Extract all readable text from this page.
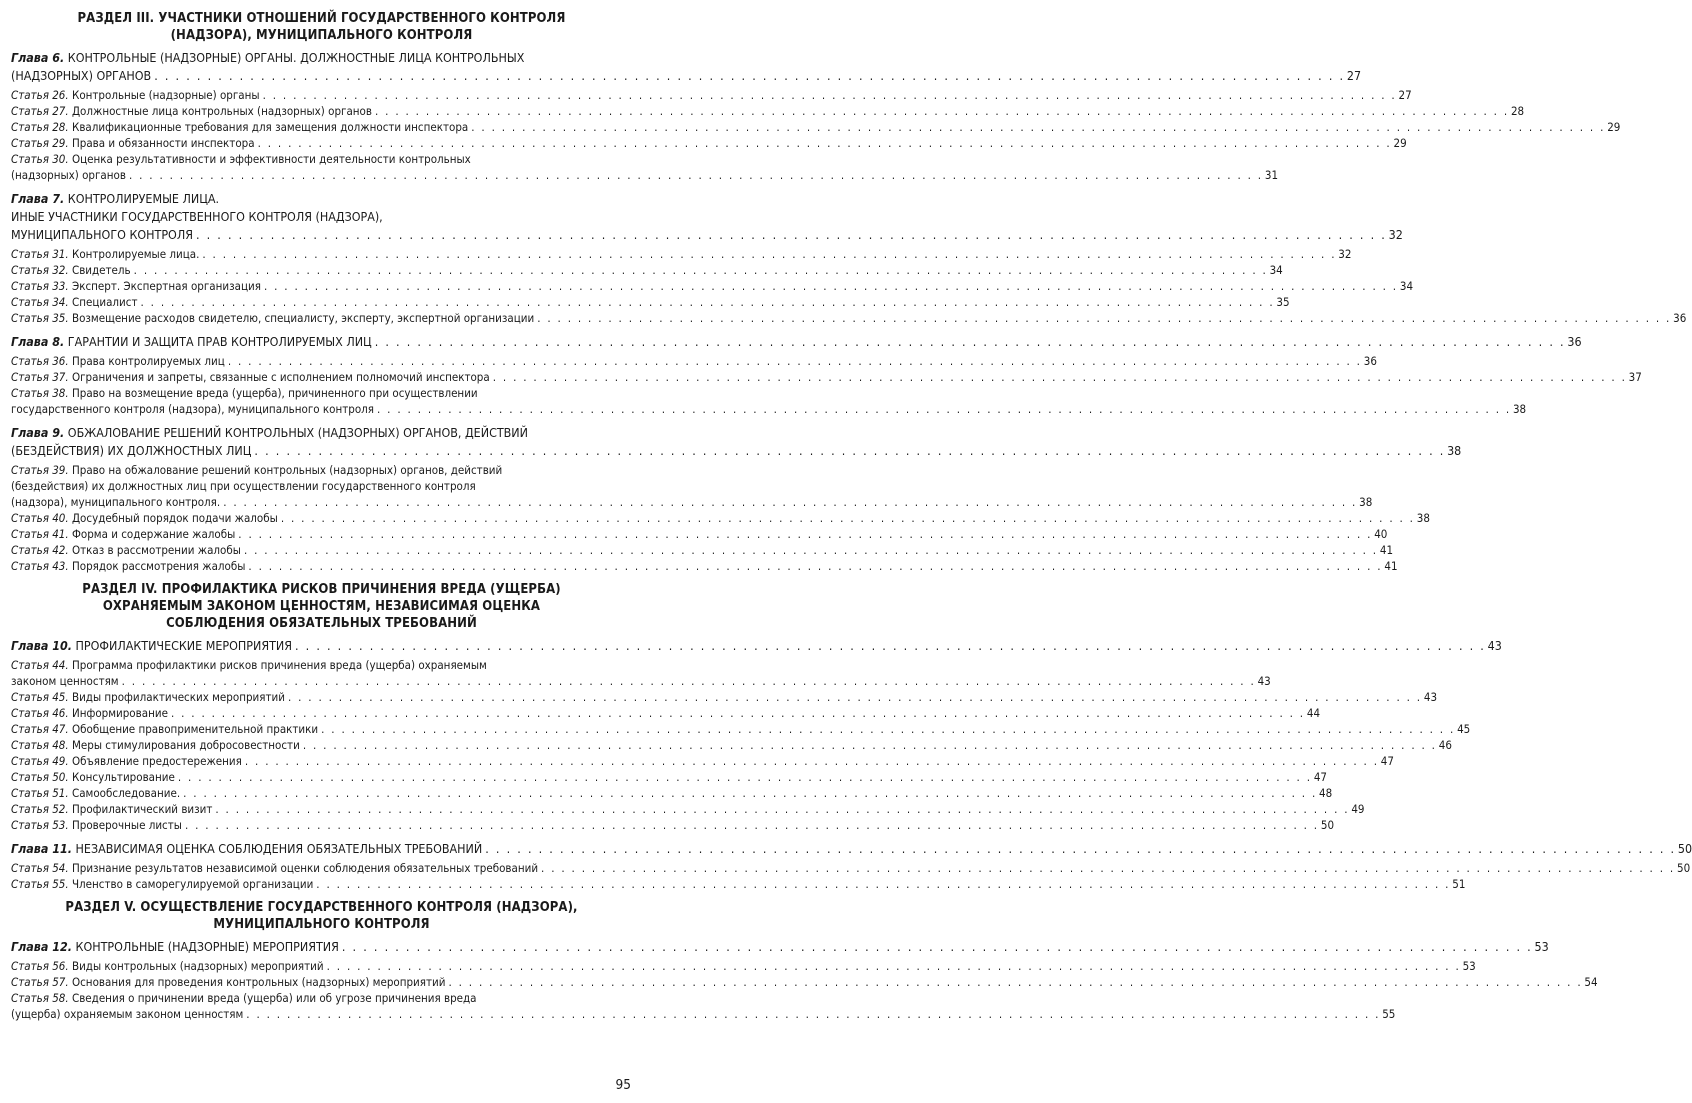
РАЗДЕЛ III. УЧАСТНИКИ ОТНОШЕНИЙ ГОСУДАРСТВЕННОГО КОНТРОЛЯ
(НАДЗОРА), МУНИЦИПАЛЬНОГО КОНТРОЛЯ
Глава 6. КОНТРОЛЬНЫЕ (НАДЗОРНЫЕ) ОРГАНЫ. ДОЛЖНОСТНЫЕ ЛИЦА КОНТРОЛЬНЫХ
(НАДЗОРНЫХ) ОРГАНОВ . . . . . . . . . . . . . . . . . . . . . . . . . . . . . . . . . . . . . . . . . . . . . . . . . . . . . . . . . . . . . . . . . . . . . . . . . . . . . . . . . . . . . . . . . . . . . . . . . . . . . . . . . . . . . . . . 27
Статья 26. Контрольные (надзорные) органы . . . . . . . . . . . . . . . . . . . . . . . . . . . . . . . . . . . . . . . . . . . . . . . . . . . . . . . . . . . . . . . . . . . . . . . . . . . . . . . . . . . . . . . . . . . . . . . . . . . . . . . . . . . . . . . . 27
Статья 27. Должностные лица контрольных (надзорных) органов . . . . . . . . . . . . . . . . . . . . . . . . . . . . . . . . . . . . . . . . . . . . . . . . . . . . . . . . . . . . . . . . . . . . . . . . . . . . . . . . . . . . . . . . . . . . . . . . . . . . . . . . . . . . . . . . 28
Статья 28. Квалификационные требования для замещения должности инспектора . . . . . . . . . . . . . . . . . . . . . . . . . . . . . . . . . . . . . . . . . . . . . . . . . . . . . . . . . . . . . . . . . . . . . . . . . . . . . . . . . . . . . . . . . . . . . . . . . . . . . . . . . . . . . . . . 29
Статья 29. Права и обязанности инспектора . . . . . . . . . . . . . . . . . . . . . . . . . . . . . . . . . . . . . . . . . . . . . . . . . . . . . . . . . . . . . . . . . . . . . . . . . . . . . . . . . . . . . . . . . . . . . . . . . . . . . . . . . . . . . . . . 29
Статья 30. Оценка результативности и эффективности деятельности контрольных
(надзорных) органов . . . . . . . . . . . . . . . . . . . . . . . . . . . . . . . . . . . . . . . . . . . . . . . . . . . . . . . . . . . . . . . . . . . . . . . . . . . . . . . . . . . . . . . . . . . . . . . . . . . . . . . . . . . . . . . . 31
Глава 7. КОНТРОЛИРУЕМЫЕ ЛИЦА.
ИНЫЕ УЧАСТНИКИ ГОСУДАРСТВЕННОГО КОНТРОЛЯ (НАДЗОРА),
МУНИЦИПАЛЬНОГО КОНТРОЛЯ . . . . . . . . . . . . . . . . . . . . . . . . . . . . . . . . . . . . . . . . . . . . . . . . . . . . . . . . . . . . . . . . . . . . . . . . . . . . . . . . . . . . . . . . . . . . . . . . . . . . . . . . . . . . . . . . 32
Статья 31. Контролируемые лица. . . . . . . . . . . . . . . . . . . . . . . . . . . . . . . . . . . . . . . . . . . . . . . . . . . . . . . . . . . . . . . . . . . . . . . . . . . . . . . . . . . . . . . . . . . . . . . . . . . . . . . . . . . . . . . . . 32
Статья 32. Свидетель . . . . . . . . . . . . . . . . . . . . . . . . . . . . . . . . . . . . . . . . . . . . . . . . . . . . . . . . . . . . . . . . . . . . . . . . . . . . . . . . . . . . . . . . . . . . . . . . . . . . . . . . . . . . . . . . 34
Статья 33. Эксперт. Экспертная организация . . . . . . . . . . . . . . . . . . . . . . . . . . . . . . . . . . . . . . . . . . . . . . . . . . . . . . . . . . . . . . . . . . . . . . . . . . . . . . . . . . . . . . . . . . . . . . . . . . . . . . . . . . . . . . . . 34
Статья 34. Специалист . . . . . . . . . . . . . . . . . . . . . . . . . . . . . . . . . . . . . . . . . . . . . . . . . . . . . . . . . . . . . . . . . . . . . . . . . . . . . . . . . . . . . . . . . . . . . . . . . . . . . . . . . . . . . . . . 35
Статья 35. Возмещение расходов свидетелю, специалисту, эксперту, экспертной организации . . . . . . . . . . . . . . . . . . . . . . . . . . . . . . . . . . . . . . . . . . . . . . . . . . . . . . . . . . . . . . . . . . . . . . . . . . . . . . . . . . . . . . . . . . . . . . . . . . . . . . . . . . . . . . . . 36
Глава 8. ГАРАНТИИ И ЗАЩИТА ПРАВ КОНТРОЛИРУЕМЫХ ЛИЦ . . . . . . . . . . . . . . . . . . . . . . . . . . . . . . . . . . . . . . . . . . . . . . . . . . . . . . . . . . . . . . . . . . . . . . . . . . . . . . . . . . . . . . . . . . . . . . . . . . . . . . . . . . . . . . . . 36
Статья 36. Права контролируемых лиц . . . . . . . . . . . . . . . . . . . . . . . . . . . . . . . . . . . . . . . . . . . . . . . . . . . . . . . . . . . . . . . . . . . . . . . . . . . . . . . . . . . . . . . . . . . . . . . . . . . . . . . . . . . . . . . . 36
Статья 37. Ограничения и запреты, связанные с исполнением полномочий инспектора . . . . . . . . . . . . . . . . . . . . . . . . . . . . . . . . . . . . . . . . . . . . . . . . . . . . . . . . . . . . . . . . . . . . . . . . . . . . . . . . . . . . . . . . . . . . . . . . . . . . . . . . . . . . . . . . 37
Статья 38. Право на возмещение вреда (ущерба), причиненного при осуществлении
государственного контроля (надзора), муниципального контроля . . . . . . . . . . . . . . . . . . . . . . . . . . . . . . . . . . . . . . . . . . . . . . . . . . . . . . . . . . . . . . . . . . . . . . . . . . . . . . . . . . . . . . . . . . . . . . . . . . . . . . . . . . . . . . . . 38
Глава 9. ОБЖАЛОВАНИЕ РЕШЕНИЙ КОНТРОЛЬНЫХ (НАДЗОРНЫХ) ОРГАНОВ, ДЕЙСТВИЙ
(БЕЗДЕЙСТВИЯ) ИХ ДОЛЖНОСТНЫХ ЛИЦ . . . . . . . . . . . . . . . . . . . . . . . . . . . . . . . . . . . . . . . . . . . . . . . . . . . . . . . . . . . . . . . . . . . . . . . . . . . . . . . . . . . . . . . . . . . . . . . . . . . . . . . . . . . . . . . . 38
Статья 39. Право на обжалование решений контрольных (надзорных) органов, действий
(бездействия) их должностных лиц при осуществлении государственного контроля
(надзора), муниципального контроля. . . . . . . . . . . . . . . . . . . . . . . . . . . . . . . . . . . . . . . . . . . . . . . . . . . . . . . . . . . . . . . . . . . . . . . . . . . . . . . . . . . . . . . . . . . . . . . . . . . . . . . . . . . . . . . . . 38
Статья 40. Досудебный порядок подачи жалобы . . . . . . . . . . . . . . . . . . . . . . . . . . . . . . . . . . . . . . . . . . . . . . . . . . . . . . . . . . . . . . . . . . . . . . . . . . . . . . . . . . . . . . . . . . . . . . . . . . . . . . . . . . . . . . . . 38
Статья 41. Форма и содержание жалобы . . . . . . . . . . . . . . . . . . . . . . . . . . . . . . . . . . . . . . . . . . . . . . . . . . . . . . . . . . . . . . . . . . . . . . . . . . . . . . . . . . . . . . . . . . . . . . . . . . . . . . . . . . . . . . . . 40
Статья 42. Отказ в рассмотрении жалобы . . . . . . . . . . . . . . . . . . . . . . . . . . . . . . . . . . . . . . . . . . . . . . . . . . . . . . . . . . . . . . . . . . . . . . . . . . . . . . . . . . . . . . . . . . . . . . . . . . . . . . . . . . . . . . . . 41
Статья 43. Порядок рассмотрения жалобы . . . . . . . . . . . . . . . . . . . . . . . . . . . . . . . . . . . . . . . . . . . . . . . . . . . . . . . . . . . . . . . . . . . . . . . . . . . . . . . . . . . . . . . . . . . . . . . . . . . . . . . . . . . . . . . . 41
РАЗДЕЛ IV. ПРОФИЛАКТИКА РИСКОВ ПРИЧИНЕНИЯ ВРЕДА (УЩЕРБА)
ОХРАНЯЕМЫМ ЗАКОНОМ ЦЕННОСТЯМ, НЕЗАВИСИМАЯ ОЦЕНКА
СОБЛЮДЕНИЯ ОБЯЗАТЕЛЬНЫХ ТРЕБОВАНИЙ
Глава 10. ПРОФИЛАКТИЧЕСКИЕ МЕРОПРИЯТИЯ . . . . . . . . . . . . . . . . . . . . . . . . . . . . . . . . . . . . . . . . . . . . . . . . . . . . . . . . . . . . . . . . . . . . . . . . . . . . . . . . . . . . . . . . . . . . . . . . . . . . . . . . . . . . . . . . 43
Статья 44. Программа профилактики рисков причинения вреда (ущерба) охраняемым
законом ценностям . . . . . . . . . . . . . . . . . . . . . . . . . . . . . . . . . . . . . . . . . . . . . . . . . . . . . . . . . . . . . . . . . . . . . . . . . . . . . . . . . . . . . . . . . . . . . . . . . . . . . . . . . . . . . . . . 43
Статья 45. Виды профилактических мероприятий . . . . . . . . . . . . . . . . . . . . . . . . . . . . . . . . . . . . . . . . . . . . . . . . . . . . . . . . . . . . . . . . . . . . . . . . . . . . . . . . . . . . . . . . . . . . . . . . . . . . . . . . . . . . . . . . 43
Статья 46. Информирование . . . . . . . . . . . . . . . . . . . . . . . . . . . . . . . . . . . . . . . . . . . . . . . . . . . . . . . . . . . . . . . . . . . . . . . . . . . . . . . . . . . . . . . . . . . . . . . . . . . . . . . . . . . . . . . . 44
Статья 47. Обобщение правоприменительной практики . . . . . . . . . . . . . . . . . . . . . . . . . . . . . . . . . . . . . . . . . . . . . . . . . . . . . . . . . . . . . . . . . . . . . . . . . . . . . . . . . . . . . . . . . . . . . . . . . . . . . . . . . . . . . . . . 45
Статья 48. Меры стимулирования добросовестности . . . . . . . . . . . . . . . . . . . . . . . . . . . . . . . . . . . . . . . . . . . . . . . . . . . . . . . . . . . . . . . . . . . . . . . . . . . . . . . . . . . . . . . . . . . . . . . . . . . . . . . . . . . . . . . . 46
Статья 49. Объявление предостережения . . . . . . . . . . . . . . . . . . . . . . . . . . . . . . . . . . . . . . . . . . . . . . . . . . . . . . . . . . . . . . . . . . . . . . . . . . . . . . . . . . . . . . . . . . . . . . . . . . . . . . . . . . . . . . . . 47
Статья 50. Консультирование . . . . . . . . . . . . . . . . . . . . . . . . . . . . . . . . . . . . . . . . . . . . . . . . . . . . . . . . . . . . . . . . . . . . . . . . . . . . . . . . . . . . . . . . . . . . . . . . . . . . . . . . . . . . . . . . 47
Статья 51. Самообследование. . . . . . . . . . . . . . . . . . . . . . . . . . . . . . . . . . . . . . . . . . . . . . . . . . . . . . . . . . . . . . . . . . . . . . . . . . . . . . . . . . . . . . . . . . . . . . . . . . . . . . . . . . . . . . . . . 48
Статья 52. Профилактический визит . . . . . . . . . . . . . . . . . . . . . . . . . . . . . . . . . . . . . . . . . . . . . . . . . . . . . . . . . . . . . . . . . . . . . . . . . . . . . . . . . . . . . . . . . . . . . . . . . . . . . . . . . . . . . . . . 49
Статья 53. Проверочные листы . . . . . . . . . . . . . . . . . . . . . . . . . . . . . . . . . . . . . . . . . . . . . . . . . . . . . . . . . . . . . . . . . . . . . . . . . . . . . . . . . . . . . . . . . . . . . . . . . . . . . . . . . . . . . . . . 50
Глава 11. НЕЗАВИСИМАЯ ОЦЕНКА СОБЛЮДЕНИЯ ОБЯЗАТЕЛЬНЫХ ТРЕБОВАНИЙ . . . . . . . . . . . . . . . . . . . . . . . . . . . . . . . . . . . . . . . . . . . . . . . . . . . . . . . . . . . . . . . . . . . . . . . . . . . . . . . . . . . . . . . . . . . . . . . . . . . . . . . . . . . . . . . . 50
Статья 54. Признание результатов независимой оценки соблюдения обязательных требований . . . . . . . . . . . . . . . . . . . . . . . . . . . . . . . . . . . . . . . . . . . . . . . . . . . . . . . . . . . . . . . . . . . . . . . . . . . . . . . . . . . . . . . . . . . . . . . . . . . . . . . . . . . . . . . . 50
Статья 55. Членство в саморегулируемой организации . . . . . . . . . . . . . . . . . . . . . . . . . . . . . . . . . . . . . . . . . . . . . . . . . . . . . . . . . . . . . . . . . . . . . . . . . . . . . . . . . . . . . . . . . . . . . . . . . . . . . . . . . . . . . . . . 51
РАЗДЕЛ V. ОСУЩЕСТВЛЕНИЕ ГОСУДАРСТВЕННОГО КОНТРОЛЯ (НАДЗОРА),
МУНИЦИПАЛЬНОГО КОНТРОЛЯ
Глава 12. КОНТРОЛЬНЫЕ (НАДЗОРНЫЕ) МЕРОПРИЯТИЯ . . . . . . . . . . . . . . . . . . . . . . . . . . . . . . . . . . . . . . . . . . . . . . . . . . . . . . . . . . . . . . . . . . . . . . . . . . . . . . . . . . . . . . . . . . . . . . . . . . . . . . . . . . . . . . . . 53
Статья 56. Виды контрольных (надзорных) мероприятий . . . . . . . . . . . . . . . . . . . . . . . . . . . . . . . . . . . . . . . . . . . . . . . . . . . . . . . . . . . . . . . . . . . . . . . . . . . . . . . . . . . . . . . . . . . . . . . . . . . . . . . . . . . . . . . . 53
Статья 57. Основания для проведения контрольных (надзорных) мероприятий . . . . . . . . . . . . . . . . . . . . . . . . . . . . . . . . . . . . . . . . . . . . . . . . . . . . . . . . . . . . . . . . . . . . . . . . . . . . . . . . . . . . . . . . . . . . . . . . . . . . . . . . . . . . . . . . 54
Статья 58. Сведения о причинении вреда (ущерба) или об угрозе причинения вреда
(ущерба) охраняемым законом ценностям . . . . . . . . . . . . . . . . . . . . . . . . . . . . . . . . . . . . . . . . . . . . . . . . . . . . . . . . . . . . . . . . . . . . . . . . . . . . . . . . . . . . . . . . . . . . . . . . . . . . . . . . . . . . . . . . 55
95
